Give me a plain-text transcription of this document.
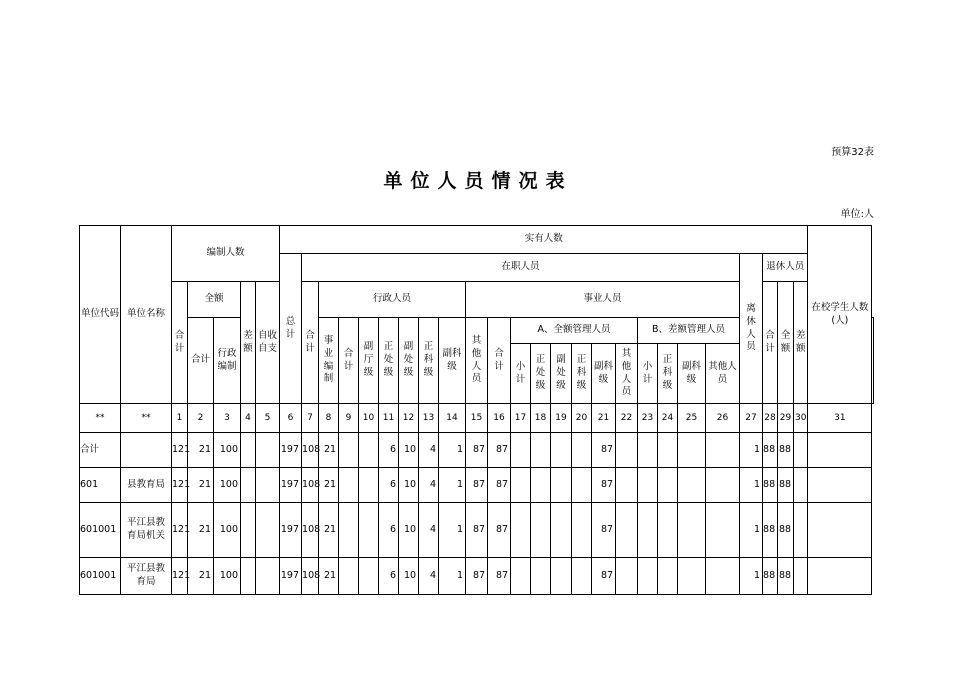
预算32表
单位人员情况表
单位:人
单位代码	单位名称	编制人数					实有人数																									在校学生人数(人)	
							总计	在职人员																				离休人员	退休人员				
		合计	全额		差额	自收自支		合计	行政人员							事业人员													合计	全额	差额		
			合计	行政编制					事业编制	合计	副厅级	正处级	副处级	正科级	副科级	其他人员	合计	A、全额管理人员						B、差额管理人员	
																		小计	正处级	副处级	正科级	副科级	其他人员	小计	正科级	副科级	其他人员						
**	**	1	2	3	4	5	6	7	8	9	10	11	12	13	14	15	16	17	18	19	20	21	22	23	24	25	26	27	28	29	30	31	
合计		121	21	100			197	108	21			6	10	4	1	87	87					87						1	88	88			
601	县教育局	121	21	100			197	108	21			6	10	4	1	87	87					87						1	88	88			
601001	平江县教育局机关	121	21	100			197	108	21			6	10	4	1	87	87					87						1	88	88			
601001	平江县教育局	121	21	100			197	108	21			6	10	4	1	87	87					87						1	88	88			
